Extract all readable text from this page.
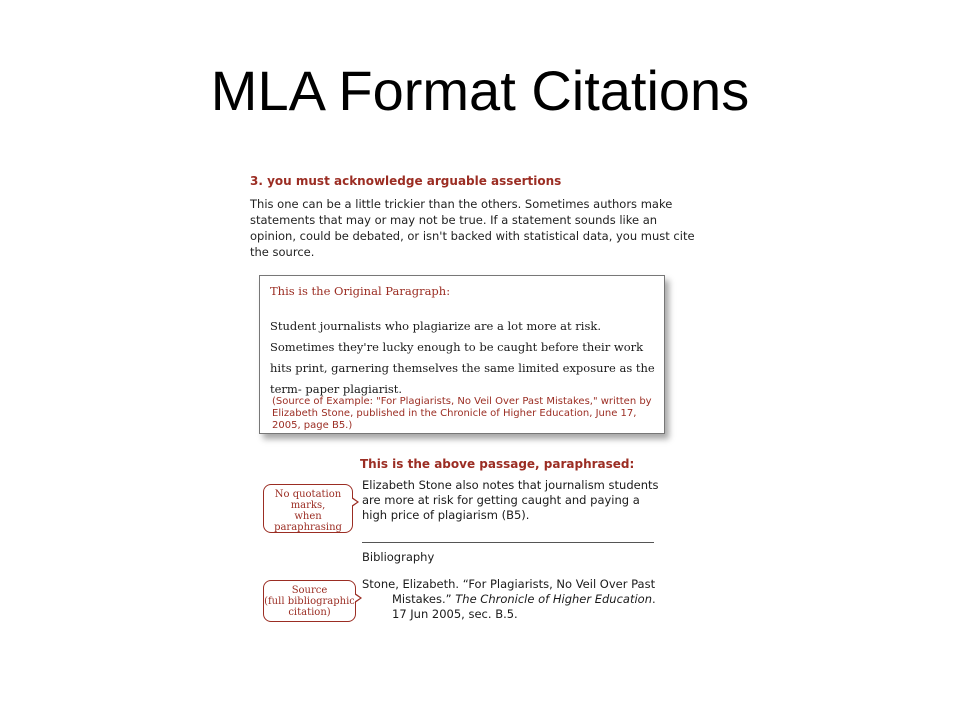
MLA Format Citations
3. you must acknowledge arguable assertions
This one can be a little trickier than the others. Sometimes authors make statements that may or may not be true. If a statement sounds like an opinion, could be debated, or isn't backed with statistical data, you must cite the source.
This is the Original Paragraph:
Student journalists who plagiarize are a lot more at risk. Sometimes they're lucky enough to be caught before their work hits print, garnering themselves the same limited exposure as the term- paper plagiarist.
(Source of Example: "For Plagiarists, No Veil Over Past Mistakes," written by Elizabeth Stone, published in the Chronicle of Higher Education, June 17, 2005, page B5.)
This is the above passage, paraphrased:
Elizabeth Stone also notes that journalism students are more at risk for getting caught and paying a high price of plagiarism (B5).
No quotation
marks,
when
paraphrasing
Bibliography
Stone, Elizabeth. “For Plagiarists, No Veil Over Past
Mistakes.” The Chronicle of Higher Education.
17 Jun 2005, sec. B.5.
Source
(full bibliographic
citation)
